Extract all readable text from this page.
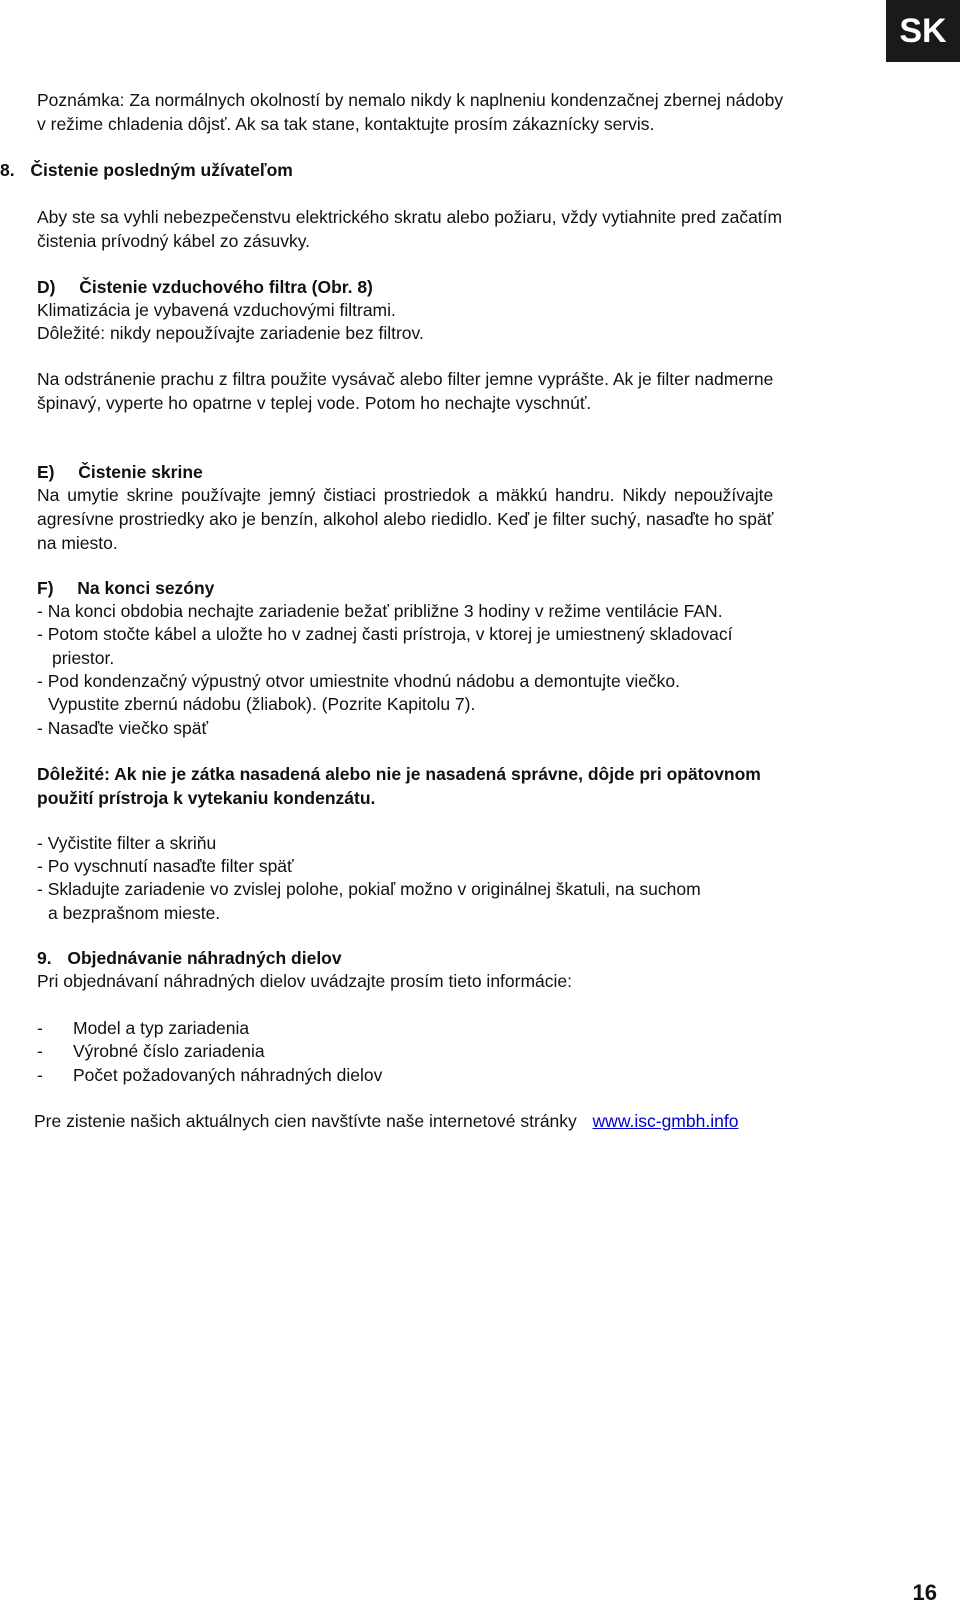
SK
Poznámka: Za normálnych okolností by nemalo nikdy k naplneniu kondenzačnej zbernej nádoby
v režime chladenia dôjsť. Ak sa tak stane, kontaktujte prosím zákaznícky servis.
8. Čistenie posledným užívateľom
Aby ste sa vyhli nebezpečenstvu elektrického skratu alebo požiaru, vždy vytiahnite pred začatím
čistenia prívodný kábel zo zásuvky.
D) Čistenie vzduchového filtra (Obr. 8)
Klimatizácia je vybavená vzduchovými filtrami.
Dôležité: nikdy nepoužívajte zariadenie bez filtrov.
Na odstránenie prachu z filtra použite vysávač alebo filter jemne vyprášte. Ak je filter nadmerne
špinavý, vyperte ho opatrne v teplej vode. Potom ho nechajte vyschnúť.
E) Čistenie skrine
Na umytie skrine používajte jemný čistiaci prostriedok a mäkkú handru. Nikdy nepoužívajte
agresívne prostriedky ako je benzín, alkohol alebo riedidlo. Keď je filter suchý, nasaďte ho späť
na miesto.
F) Na konci sezóny
- Na konci obdobia nechajte zariadenie bežať približne 3 hodiny v režime ventilácie FAN.
- Potom stočte kábel a uložte ho v zadnej časti prístroja, v ktorej je umiestnený skladovací
priestor.
- Pod kondenzačný výpustný otvor umiestnite vhodnú nádobu a demontujte viečko.
Vypustite zbernú nádobu (žliabok). (Pozrite Kapitolu 7).
- Nasaďte viečko späť
Dôležité: Ak nie je zátka nasadená alebo nie je nasadená správne, dôjde pri opätovnom
použití prístroja k vytekaniu kondenzátu.
- Vyčistite filter a skriňu
- Po vyschnutí nasaďte filter späť
- Skladujte zariadenie vo zvislej polohe, pokiaľ možno v originálnej škatuli, na suchom
a bezprašnom mieste.
9. Objednávanie náhradných dielov
Pri objednávaní náhradných dielov uvádzajte prosím tieto informácie:
- Model a typ zariadenia
- Výrobné číslo zariadenia
- Počet požadovaných náhradných dielov
Pre zistenie našich aktuálnych cien navštívte naše internetové stránky www.isc-gmbh.info
16
